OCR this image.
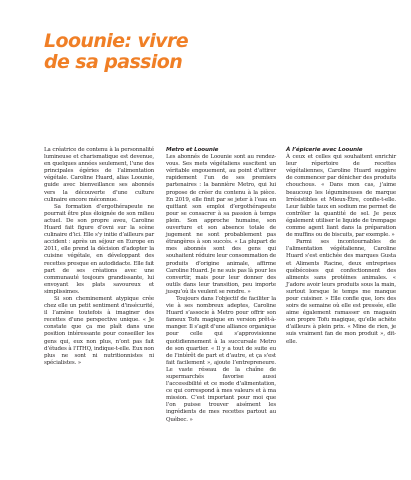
Loounie: vivre
de sa passion

La créatrice de contenu à la personnalité lumineuse et charismatique est devenue, en quelques années seulement, l’une des principales égéries de l’alimentation végétale. Caroline Huard, alias Loounie, guide avec bienveillance ses abonnés vers la découverte d’une culture culinaire encore méconnue.

Sa formation d’ergothérapeute ne pourrait être plus éloignée de son milieu actuel. De son propre aveu, Caroline Huard fait figure d’ovni sur la scène culinaire d’ici. Elle s’y initie d’ailleurs par accident : après un séjour en Europe en 2011, elle prend la décision d’adopter la cuisine végétale, en développant des recettes presque en autodidacte. Elle fait part de ses créations avec une communauté toujours grandissante, lui envoyant les plats savoureux et simplissimes.

Si son cheminement atypique crée chez elle un petit sentiment d’insécurité, il l’amène toutefois à imaginer des recettes d’une perspective unique. « Je constate que ça me plaît dans une position intéressante pour conseiller les gens qui, eux non plus, n’ont pas fait d’études à l’ITHQ, indique-t-elle. Eux non plus ne sont ni nutritionnistes ni spécialistes. »

Metro et Loounie

Les abonnés de Loounie sont au rendez-vous. Ses mets végétaliens suscitent un véritable engouement, au point d’attirer rapidement l’un de ses premiers partenaires : la bannière Metro, qui lui propose de créer du contenu à la pièce. En 2019, elle finit par se jeter à l’eau en quittant son emploi d’ergothérapeute pour se consacrer à sa passion à temps plein. Son approche humaine, son ouverture et son absence totale de jugement ne sont probablement pas étrangères à son succès. « La plupart de mes abonnés sont des gens qui souhaitent réduire leur consommation de produits d’origine animale, affirme Caroline Huard. Je ne suis pas là pour les convertir, mais pour leur donner des outils dans leur transition, peu importe jusqu’où ils veulent se rendre. »

Toujours dans l’objectif de faciliter la vie à ses nombreux adeptes, Caroline Huard s’associe à Metro pour offrir son fameux Tofu magique en version prêt-à-manger. Il s’agit d’une alliance organique pour celle qui s’approvisionne quotidiennement à la succursale Metro de son quartier. « Il y a tout de suite eu de l’intérêt de part et d’autre, et ça s’est fait facilement », ajoute l’entrepreneure. Le vaste réseau de la chaîne de supermarchés favorise aussi l’accessibilité et ce mode d’alimentation, ce qui correspond à mes valeurs et à ma mission. C’est important pour moi que l’on puisse trouver aisément les ingrédients de mes recettes partout au Québec. »

À l’épicerie avec Loounie

À ceux et celles qui souhaitent enrichir leur répertoire de recettes végétaliennes, Caroline Huard suggère de commencer par dénicher des produits chouchous. « Dans mon cas, j’aime beaucoup les légumineuses de marque Irrésistibles et Mieux-Être, confie-t-elle. Leur faible taux en sodium me permet de contrôler la quantité de sel. Je peux également utiliser le liquide de trempage comme agent liant dans la préparation de muffins ou de biscuits, par exemple. »

Parmi ses incontournables de l’alimentation végétalienne, Caroline Huard s’est entichée des marques Gusta et Aliments Racine, deux entreprises québécoises qui confectionnent des aliments sans protéines animales. « J’adore avoir leurs produits sous la main, surtout lorsque le temps me manque pour cuisiner. » Elle confie que, lors des soirs de semaine où elle est pressée, elle aime également ramasser en magasin son propre Tofu magique, qu’elle achète d’ailleurs à plein prix. « Mine de rien, je suis vraiment fan de mon produit », dit-elle.
